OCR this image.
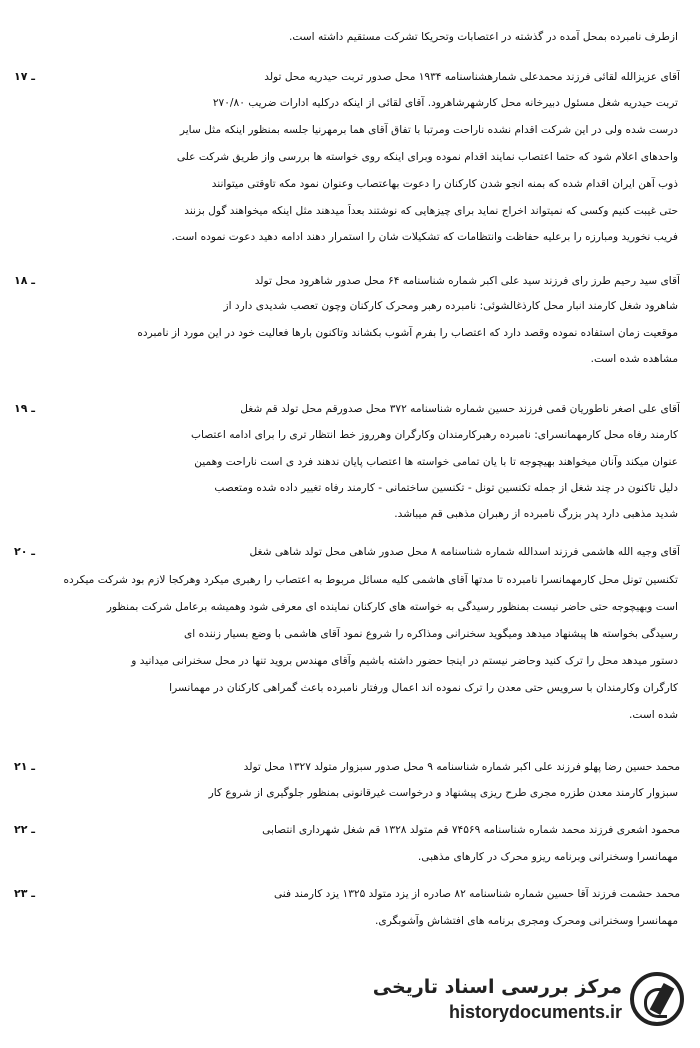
ازطرف نامبرده بمحل آمده در گذشته در اعتصابات وتحریکا تشرکت مستقیم داشته است.
۱۷ ـ	آقای عزیزالله لقائی فرزند محمدعلی شمارهشناسنامه ۱۹۳۴ محل صدور تربت حیدریه محل تولد
تربت حیدریه شغل مسئول دبیرخانه محل کارشهرشاهرود. آقای لقائی از اینکه درکلیه ادارات ضریب ۲۷۰/۸۰
درست شده ولی در این شرکت اقدام نشده ناراحت ومرتبا با تفاق آقای هما برمهرنیا جلسه بمنظور اینکه مثل سایر
واحدهای اعلام شود که حتما اعتصاب نمایند اقدام نموده وبرای اینکه روی خواسته ها بررسی واز طریق شرکت علی
ذوب آهن ایران اقدام شده که بمنه انجو شدن کارکنان را دعوت بهاعتصاب وعنوان نمود مکه تاوقتی میتوانند
حتی غیبت کنیم وکسی که نمیتواند اخراج نماید برای چیزهایی که نوشتند بعداً میدهند مثل اینکه میخواهند گول بزنند
فریب نخورید ومبارزه را برعلیه حفاظت وانتظامات که تشکیلات شان را استمرار دهند ادامه دهید دعوت نموده است.
۱۸ ـ	آقای سید رحیم طرز رای فرزند سید علی اکبر شماره شناسنامه ۶۴ محل صدور شاهرود محل تولد
شاهرود شغل کارمند انبار محل کارذغالشوئی: نامبرده رهبر ومحرک کارکنان وچون تعصب شدیدی دارد از
موقعیت زمان استفاده نموده وقصد دارد که اعتصاب را بفرم آشوب بکشاند وتاکنون بارها فعالیت خود در این مورد از نامبرده
مشاهده شده است.
۱۹ ـ	آقای علی اصغر ناطوریان قمی فرزند حسین شماره شناسنامه ۳۷۲ محل صدورقم محل تولد قم شغل
کارمند رفاه محل کارمهمانسرای: نامبرده رهبرکارمندان وکارگران وهرروز خط انتظار تری را برای ادامه اعتصاب
عنوان میکند وآنان میخواهند بهیچوجه تا با یان تمامی خواسته ها اعتصاب پایان ندهند فرد ی است ناراحت وهمین
دلیل تاکنون در چند شغل از جمله تکنسین تونل - تکنسین ساختمانی - کارمند رفاه تغییر داده شده ومتعصب
شدید مذهبی دارد پدر بزرگ نامبرده از رهبران مذهبی قم میباشد.
۲۰ ـ	آقای وجیه الله هاشمی فرزند اسدالله شماره شناسنامه ۸ محل صدور شاهی محل تولد شاهی شغل
تکنسین تونل محل کارمهمانسرا نامبرده تا مدتها آقای هاشمی کلیه مسائل مربوط به اعتصاب را رهبری میکرد وهرکجا لازم بود شرکت میکرده
است وبهیچوجه حتی حاضر نیست بمنظور رسیدگی به خواسته های کارکنان نماینده ای معرفی شود وهمیشه برعامل شرکت بمنظور
رسیدگی بخواسته ها پیشنهاد میدهد ومیگوید سخنرانی ومذاکره را شروع نمود آقای هاشمی با وضع بسیار زننده ای
دستور میدهد محل را ترک کنید وحاضر نیستم در اینجا حضور داشته باشیم وآقای مهندس بروید تنها در محل سخنرانی میدانید و
کارگران وکارمندان با سرویس حتی معدن را ترک نموده اند اعمال ورفتار نامبرده باعث گمراهی کارکنان در مهمانسرا
شده است.
۲۱ ـ	محمد حسین رضا پهلو فرزند علی اکبر شماره شناسنامه ۹ محل صدور سبزوار متولد ۱۳۲۷ محل تولد
سبزوار کارمند معدن طزره مجری طرح ریزی پیشنهاد و درخواست غیرقانونی بمنظور جلوگیری از شروع کار
۲۲ ـ	محمود اشعری فرزند محمد شماره شناسنامه ۷۴۵۶۹ قم متولد ۱۳۲۸ قم شغل شهرداری انتصابی
مهمانسرا وسخنرانی وبرنامه ریزو محرک در کارهای مذهبی.
۲۳ ـ	محمد حشمت فرزند آقا حسین شماره شناسنامه ۸۲ صادره از یزد متولد ۱۳۲۵ یزد کارمند فنی
مهمانسرا وسخنرانی ومحرک ومجری برنامه های افتشاش وآشوبگری.
مرکز بررسی اسناد تاریخی
historydocuments.ir
